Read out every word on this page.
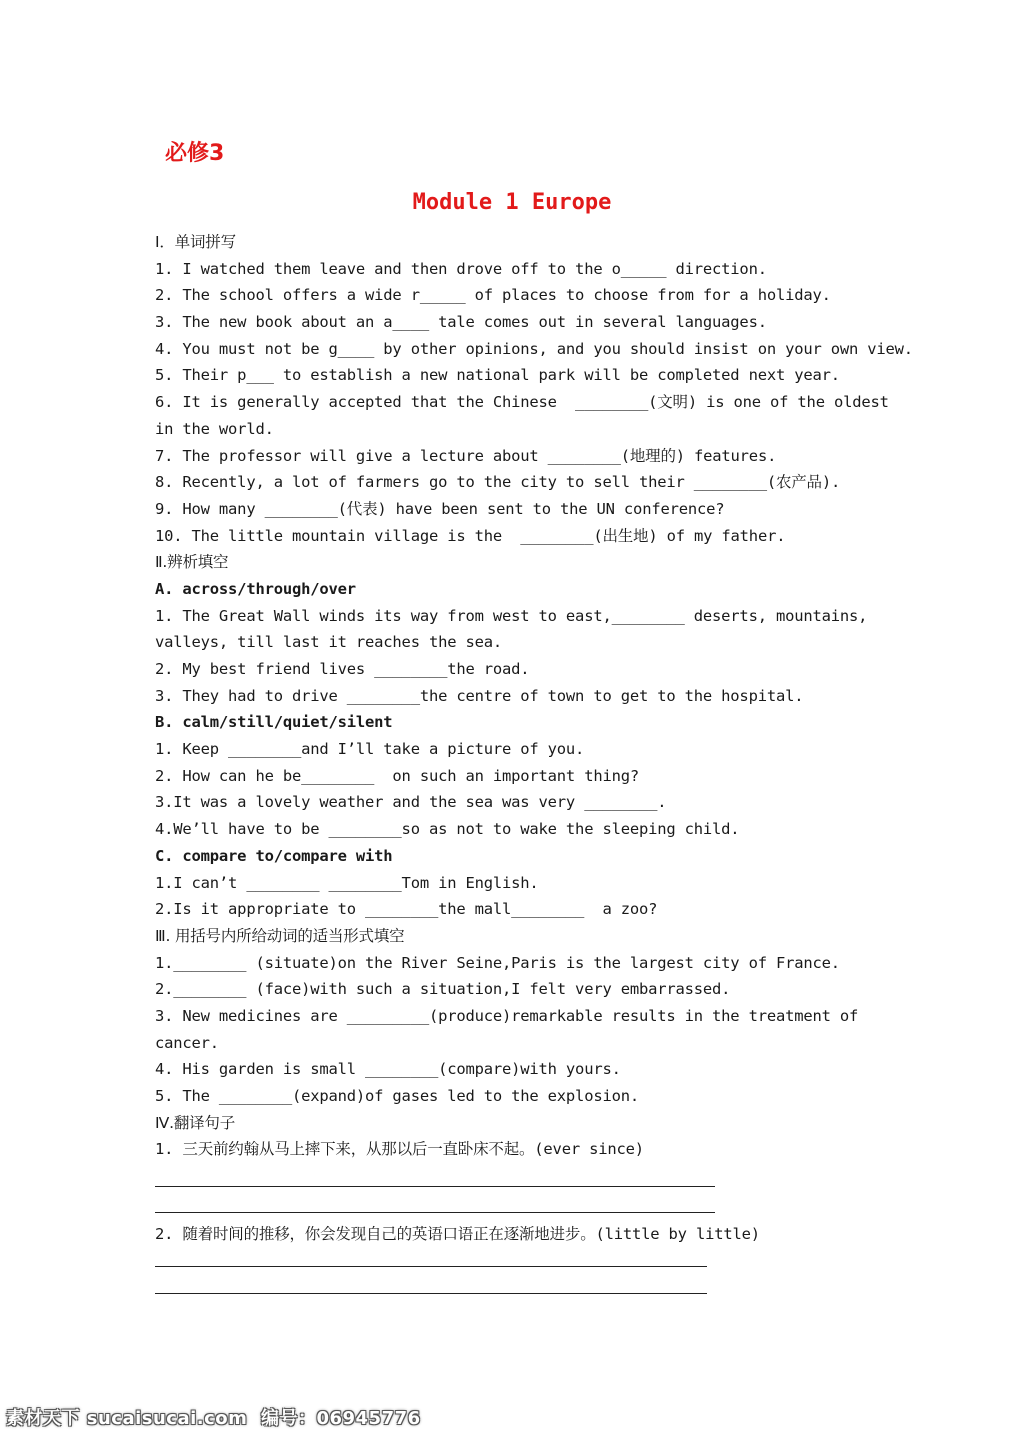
必修3
Module 1 Europe
Ⅰ．单词拼写
1. I watched them leave and then drove off to the o_____ direction.
2. The school offers a wide r_____ of places to choose from for a holiday.
3. The new book about an a____ tale comes out in several languages.
4. You must not be g____ by other opinions, and you should insist on your own view.
5. Their p___ to establish a new national park will be completed next year.
6. It is generally accepted that the Chinese  ________(文明) is one of the oldest
in the world.
7. The professor will give a lecture about ________(地理的) features.
8. Recently, a lot of farmers go to the city to sell their ________(农产品).
9. How many ________(代表) have been sent to the UN conference?
10. The little mountain village is the  ________(出生地) of my father.
Ⅱ.辨析填空
A. across/through/over
1. The Great Wall winds its way from west to east,________ deserts, mountains,
valleys, till last it reaches the sea.
2. My best friend lives ________the road.
3. They had to drive ________the centre of town to get to the hospital.
B. calm/still/quiet/silent
1. Keep ________and I’ll take a picture of you.
2. How can he be________  on such an important thing?
3.It was a lovely weather and the sea was very ________.
4.We’ll have to be ________so as not to wake the sleeping child.
C. compare to/compare with
1.I can’t ________ ________Tom in English.
2.Is it appropriate to ________the mall________  a zoo?
Ⅲ. 用括号内所给动词的适当形式填空
1.________ (situate)on the River Seine,Paris is the largest city of France.
2.________ (face)with such a situation,I felt very embarrassed.
3. New medicines are _________(produce)remarkable results in the treatment of
cancer.
4. His garden is small ________(compare)with yours.
5. The ________(expand)of gases led to the explosion.
Ⅳ.翻译句子
1. 三天前约翰从马上摔下来，从那以后一直卧床不起。(ever since)
2. 随着时间的推移，你会发现自己的英语口语正在逐渐地进步。(little by little)
素材天下 sucaisucai.com  编号：06945776
